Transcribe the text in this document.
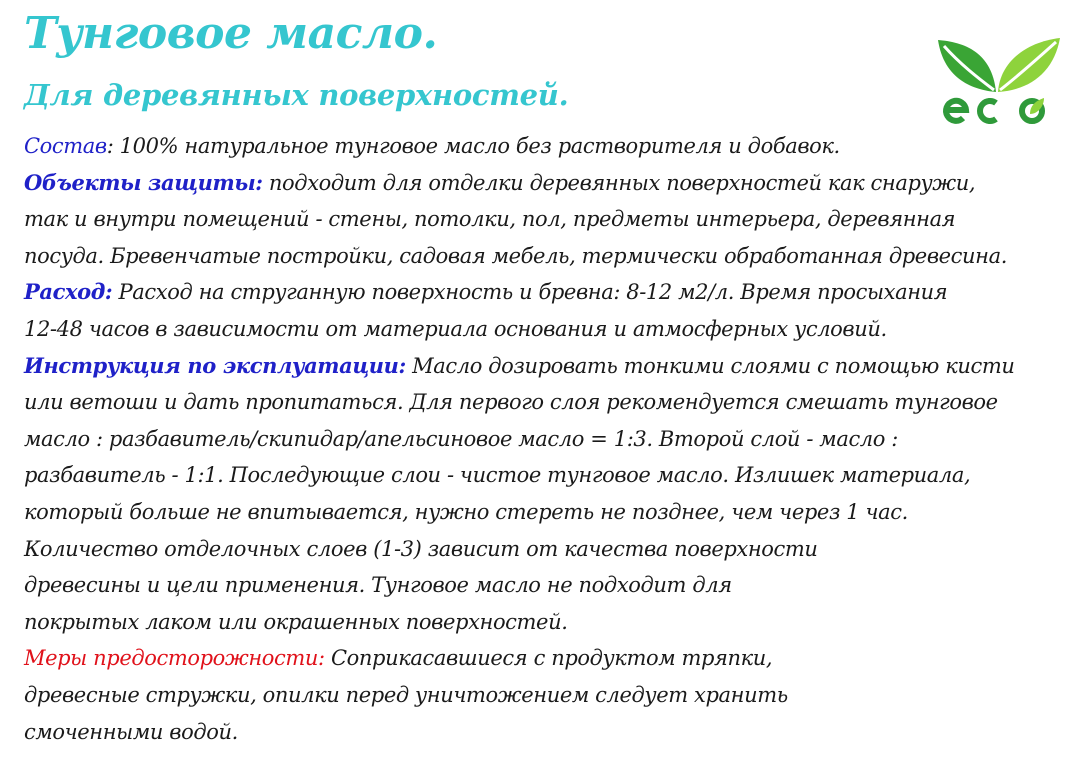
Тунговое масло.
Для деревянных поверхностей.
Состав: 100% натуральное тунговое масло без растворителя и добавок.
Объекты защиты: подходит для отделки деревянных поверхностей как снаружи,
так и внутри помещений - стены, потолки, пол, предметы интерьера, деревянная
посуда. Бревенчатые постройки, садовая мебель, термически обработанная древесина.
Расход: Расход на струганную поверхность и бревна: 8-12 м2/л. Время просыхания
12-48 часов в зависимости от материала основания и атмосферных условий.
Инструкция по эксплуатации: Масло дозировать тонкими слоями с помощью кисти
или ветоши и дать пропитаться. Для первого слоя рекомендуется смешать тунговое
масло : разбавитель/скипидар/апельсиновое масло = 1:3. Второй слой - масло :
разбавитель - 1:1. Последующие слои - чистое тунговое масло. Излишек материала,
который больше не впитывается, нужно стереть не позднее, чем через 1 час.
Количество отделочных слоев (1-3) зависит от качества поверхности
древесины и цели применения. Тунговое масло не подходит для
покрытых лаком или окрашенных поверхностей.
Меры предосторожности: Соприкасавшиеся с продуктом тряпки,
древесные стружки, опилки перед уничтожением следует хранить
смоченными водой.
